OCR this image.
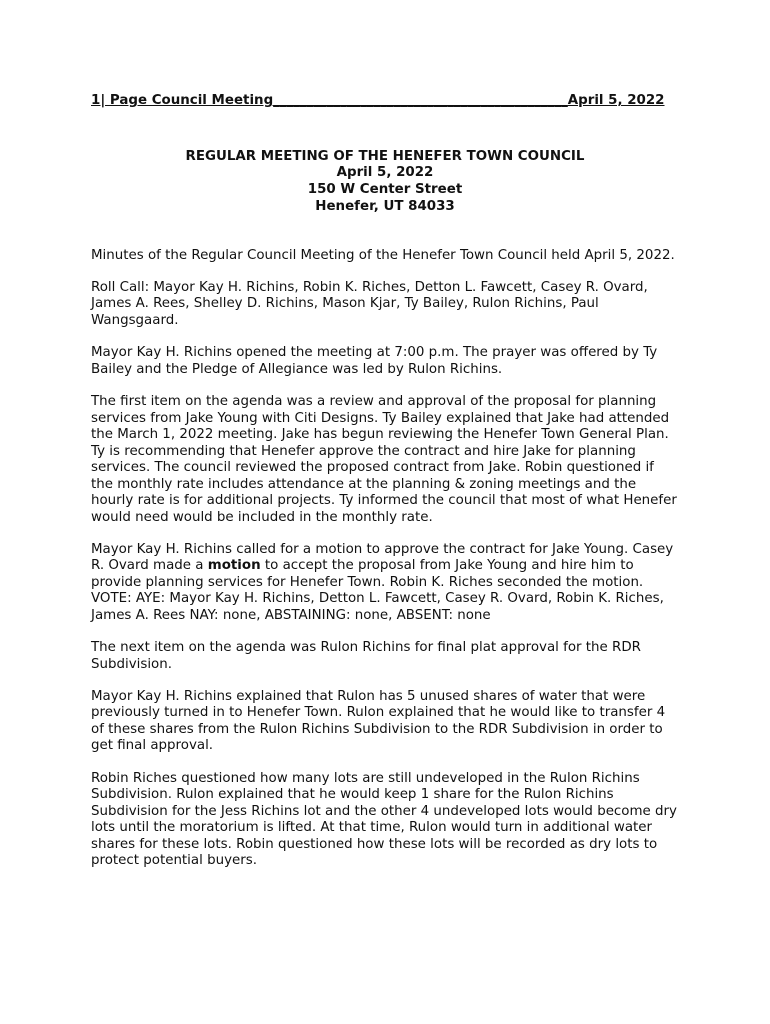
1| Page Council Meeting____________________________________________April 5, 2022

REGULAR MEETING OF THE HENEFER TOWN COUNCIL
April 5, 2022
150 W Center Street
Henefer, UT 84033

Minutes of the Regular Council Meeting of the Henefer Town Council held April 5, 2022.

Roll Call: Mayor Kay H. Richins, Robin K. Riches, Detton L. Fawcett, Casey R. Ovard, James A. Rees, Shelley D. Richins, Mason Kjar, Ty Bailey, Rulon Richins, Paul Wangsgaard.

Mayor Kay H. Richins opened the meeting at 7:00 p.m. The prayer was offered by Ty Bailey and the Pledge of Allegiance was led by Rulon Richins.

The first item on the agenda was a review and approval of the proposal for planning services from Jake Young with Citi Designs. Ty Bailey explained that Jake had attended the March 1, 2022 meeting. Jake has begun reviewing the Henefer Town General Plan. Ty is recommending that Henefer approve the contract and hire Jake for planning services. The council reviewed the proposed contract from Jake. Robin questioned if the monthly rate includes attendance at the planning & zoning meetings and the hourly rate is for additional projects. Ty informed the council that most of what Henefer would need would be included in the monthly rate.

Mayor Kay H. Richins called for a motion to approve the contract for Jake Young. Casey R. Ovard made a motion to accept the proposal from Jake Young and hire him to provide planning services for Henefer Town. Robin K. Riches seconded the motion. VOTE: AYE: Mayor Kay H. Richins, Detton L. Fawcett, Casey R. Ovard, Robin K. Riches, James A. Rees NAY: none, ABSTAINING: none, ABSENT: none

The next item on the agenda was Rulon Richins for final plat approval for the RDR Subdivision.

Mayor Kay H. Richins explained that Rulon has 5 unused shares of water that were previously turned in to Henefer Town. Rulon explained that he would like to transfer 4 of these shares from the Rulon Richins Subdivision to the RDR Subdivision in order to get final approval.

Robin Riches questioned how many lots are still undeveloped in the Rulon Richins Subdivision. Rulon explained that he would keep 1 share for the Rulon Richins Subdivision for the Jess Richins lot and the other 4 undeveloped lots would become dry lots until the moratorium is lifted. At that time, Rulon would turn in additional water shares for these lots. Robin questioned how these lots will be recorded as dry lots to protect potential buyers.
